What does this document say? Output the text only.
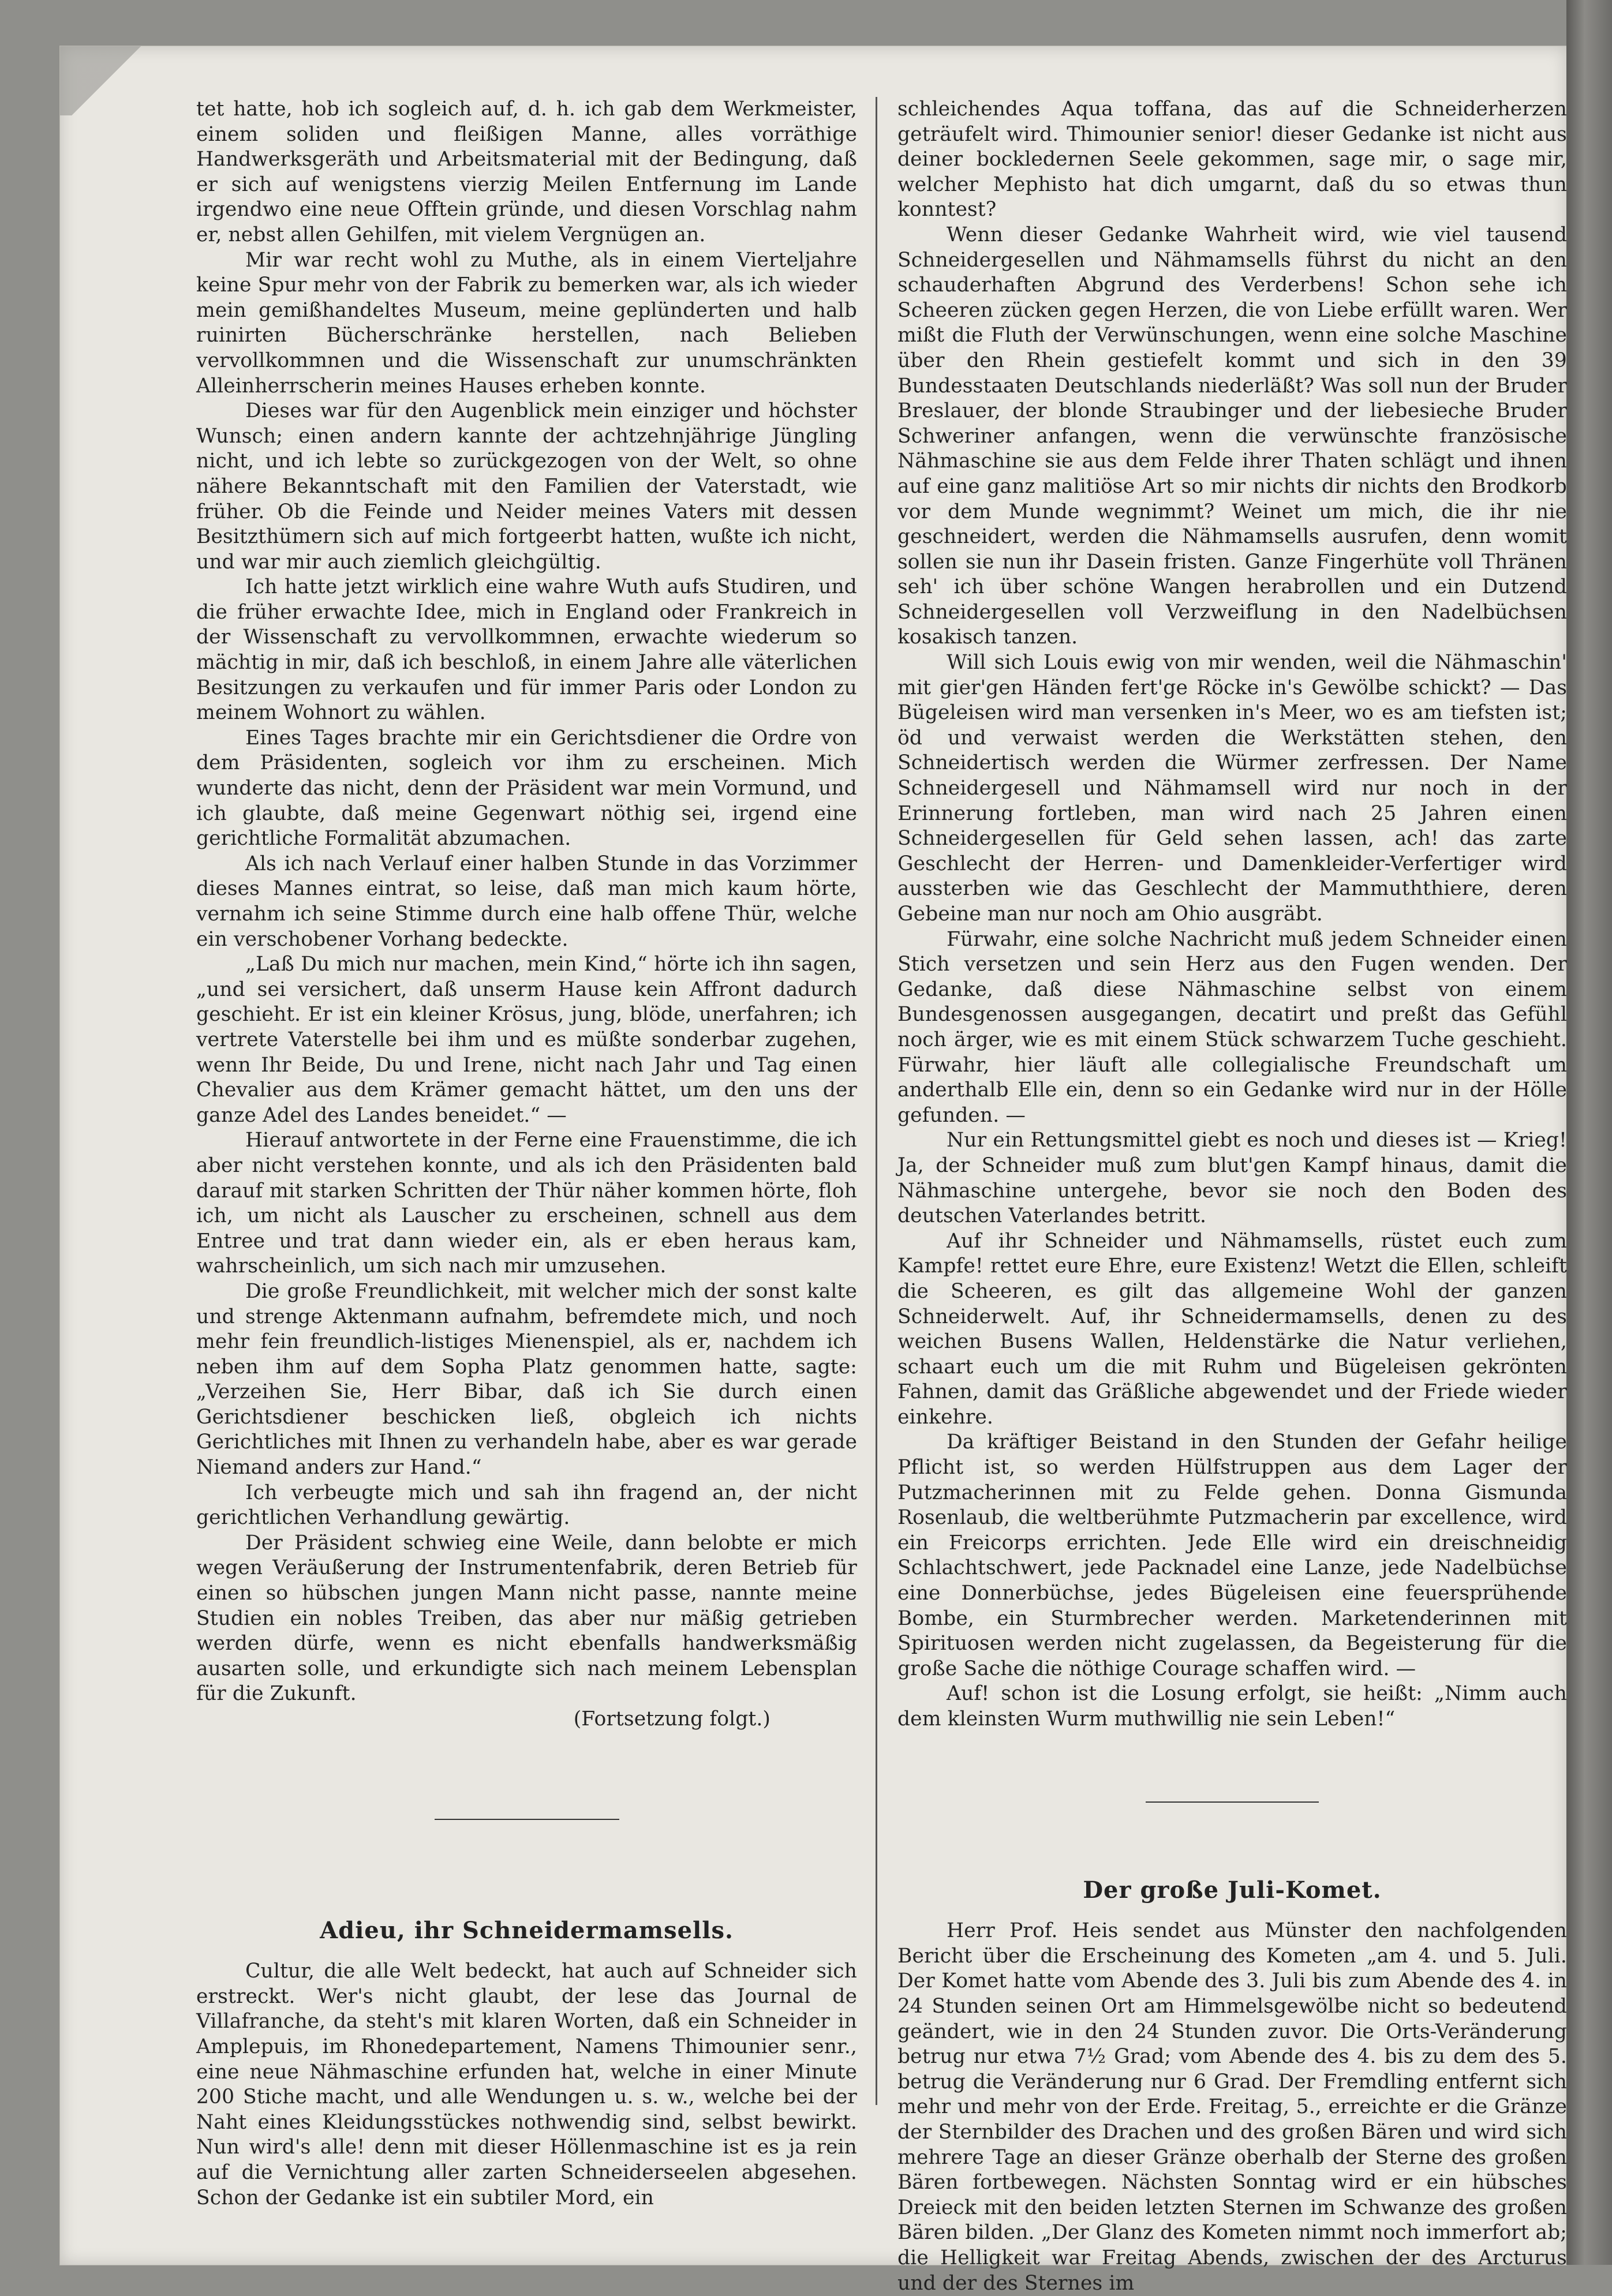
tet hatte, hob ich sogleich auf, d. h. ich gab dem Werkmeister, einem soliden und fleißigen Manne, alles vorräthige Handwerksgeräth und Arbeitsmaterial mit der Bedingung, daß er sich auf wenigstens vierzig Meilen Entfernung im Lande irgendwo eine neue Offtein gründe, und diesen Vorschlag nahm er, nebst allen Gehilfen, mit vielem Vergnügen an.

Mir war recht wohl zu Muthe, als in einem Vierteljahre keine Spur mehr von der Fabrik zu bemerken war, als ich wieder mein gemißhandeltes Museum, meine geplünderten und halb ruinirten Bücherschränke herstellen, nach Belieben vervollkommnen und die Wissenschaft zur unumschränkten Alleinherrscherin meines Hauses erheben konnte.

Dieses war für den Augenblick mein einziger und höchster Wunsch; einen andern kannte der achtzehnjährige Jüngling nicht, und ich lebte so zurückgezogen von der Welt, so ohne nähere Bekanntschaft mit den Familien der Vaterstadt, wie früher. Ob die Feinde und Neider meines Vaters mit dessen Besitzthümern sich auf mich fortgeerbt hatten, wußte ich nicht, und war mir auch ziemlich gleichgültig.

Ich hatte jetzt wirklich eine wahre Wuth aufs Studiren, und die früher erwachte Idee, mich in England oder Frankreich in der Wissenschaft zu vervollkommnen, erwachte wiederum so mächtig in mir, daß ich beschloß, in einem Jahre alle väterlichen Besitzungen zu verkaufen und für immer Paris oder London zu meinem Wohnort zu wählen.

Eines Tages brachte mir ein Gerichtsdiener die Ordre von dem Präsidenten, sogleich vor ihm zu erscheinen. Mich wunderte das nicht, denn der Präsident war mein Vormund, und ich glaubte, daß meine Gegenwart nöthig sei, irgend eine gerichtliche Formalität abzumachen.

Als ich nach Verlauf einer halben Stunde in das Vorzimmer dieses Mannes eintrat, so leise, daß man mich kaum hörte, vernahm ich seine Stimme durch eine halb offene Thür, welche ein verschobener Vorhang bedeckte.

„Laß Du mich nur machen, mein Kind,“ hörte ich ihn sagen, „und sei versichert, daß unserm Hause kein Affront dadurch geschieht. Er ist ein kleiner Krösus, jung, blöde, unerfahren; ich vertrete Vaterstelle bei ihm und es müßte sonderbar zugehen, wenn Ihr Beide, Du und Irene, nicht nach Jahr und Tag einen Chevalier aus dem Krämer gemacht hättet, um den uns der ganze Adel des Landes beneidet.“ —

Hierauf antwortete in der Ferne eine Frauenstimme, die ich aber nicht verstehen konnte, und als ich den Präsidenten bald darauf mit starken Schritten der Thür näher kommen hörte, floh ich, um nicht als Lauscher zu erscheinen, schnell aus dem Entree und trat dann wieder ein, als er eben heraus kam, wahrscheinlich, um sich nach mir umzusehen.

Die große Freundlichkeit, mit welcher mich der sonst kalte und strenge Aktenmann aufnahm, befremdete mich, und noch mehr fein freundlich-listiges Mienenspiel, als er, nachdem ich neben ihm auf dem Sopha Platz genommen hatte, sagte: „Verzeihen Sie, Herr Bibar, daß ich Sie durch einen Gerichtsdiener beschicken ließ, obgleich ich nichts Gerichtliches mit Ihnen zu verhandeln habe, aber es war gerade Niemand anders zur Hand.“

Ich verbeugte mich und sah ihn fragend an, der nicht gerichtlichen Verhandlung gewärtig.

Der Präsident schwieg eine Weile, dann belobte er mich wegen Veräußerung der Instrumentenfabrik, deren Betrieb für einen so hübschen jungen Mann nicht passe, nannte meine Studien ein nobles Treiben, das aber nur mäßig getrieben werden dürfe, wenn es nicht ebenfalls handwerksmäßig ausarten solle, und erkundigte sich nach meinem Lebensplan für die Zukunft.

(Fortsetzung folgt.)

Adieu, ihr Schneidermamsells.

Cultur, die alle Welt bedeckt, hat auch auf Schneider sich erstreckt. Wer's nicht glaubt, der lese das Journal de Villafranche, da steht's mit klaren Worten, daß ein Schneider in Amplepuis, im Rhonedepartement, Namens Thimounier senr., eine neue Nähmaschine erfunden hat, welche in einer Minute 200 Stiche macht, und alle Wendungen u. s. w., welche bei der Naht eines Kleidungsstückes nothwendig sind, selbst bewirkt. Nun wird's alle! denn mit dieser Höllenmaschine ist es ja rein auf die Vernichtung aller zarten Schneiderseelen abgesehen. Schon der Gedanke ist ein subtiler Mord, ein

schleichendes Aqua toffana, das auf die Schneiderherzen geträufelt wird. Thimounier senior! dieser Gedanke ist nicht aus deiner bockledernen Seele gekommen, sage mir, o sage mir, welcher Mephisto hat dich umgarnt, daß du so etwas thun konntest?

Wenn dieser Gedanke Wahrheit wird, wie viel tausend Schneidergesellen und Nähmamsells führst du nicht an den schauderhaften Abgrund des Verderbens! Schon sehe ich Scheeren zücken gegen Herzen, die von Liebe erfüllt waren. Wer mißt die Fluth der Verwünschungen, wenn eine solche Maschine über den Rhein gestiefelt kommt und sich in den 39 Bundesstaaten Deutschlands niederläßt? Was soll nun der Bruder Breslauer, der blonde Straubinger und der liebesieche Bruder Schweriner anfangen, wenn die verwünschte französische Nähmaschine sie aus dem Felde ihrer Thaten schlägt und ihnen auf eine ganz malitiöse Art so mir nichts dir nichts den Brodkorb vor dem Munde wegnimmt? Weinet um mich, die ihr nie geschneidert, werden die Nähmamsells ausrufen, denn womit sollen sie nun ihr Dasein fristen. Ganze Fingerhüte voll Thränen seh' ich über schöne Wangen herabrollen und ein Dutzend Schneidergesellen voll Verzweiflung in den Nadelbüchsen kosakisch tanzen.

Will sich Louis ewig von mir wenden, weil die Nähmaschin' mit gier'gen Händen fert'ge Röcke in's Gewölbe schickt? — Das Bügeleisen wird man versenken in's Meer, wo es am tiefsten ist; öd und verwaist werden die Werkstätten stehen, den Schneidertisch werden die Würmer zerfressen. Der Name Schneidergesell und Nähmamsell wird nur noch in der Erinnerung fortleben, man wird nach 25 Jahren einen Schneidergesellen für Geld sehen lassen, ach! das zarte Geschlecht der Herren- und Damenkleider-Verfertiger wird aussterben wie das Geschlecht der Mammuththiere, deren Gebeine man nur noch am Ohio ausgräbt.

Fürwahr, eine solche Nachricht muß jedem Schneider einen Stich versetzen und sein Herz aus den Fugen wenden. Der Gedanke, daß diese Nähmaschine selbst von einem Bundesgenossen ausgegangen, decatirt und preßt das Gefühl noch ärger, wie es mit einem Stück schwarzem Tuche geschieht. Fürwahr, hier läuft alle collegialische Freundschaft um anderthalb Elle ein, denn so ein Gedanke wird nur in der Hölle gefunden. —

Nur ein Rettungsmittel giebt es noch und dieses ist — Krieg! Ja, der Schneider muß zum blut'gen Kampf hinaus, damit die Nähmaschine untergehe, bevor sie noch den Boden des deutschen Vaterlandes betritt.

Auf ihr Schneider und Nähmamsells, rüstet euch zum Kampfe! rettet eure Ehre, eure Existenz! Wetzt die Ellen, schleift die Scheeren, es gilt das allgemeine Wohl der ganzen Schneiderwelt. Auf, ihr Schneidermamsells, denen zu des weichen Busens Wallen, Heldenstärke die Natur verliehen, schaart euch um die mit Ruhm und Bügeleisen gekrönten Fahnen, damit das Gräßliche abgewendet und der Friede wieder einkehre.

Da kräftiger Beistand in den Stunden der Gefahr heilige Pflicht ist, so werden Hülfstruppen aus dem Lager der Putzmacherinnen mit zu Felde gehen. Donna Gismunda Rosenlaub, die weltberühmte Putzmacherin par excellence, wird ein Freicorps errichten. Jede Elle wird ein dreischneidig Schlachtschwert, jede Packnadel eine Lanze, jede Nadelbüchse eine Donnerbüchse, jedes Bügeleisen eine feuersprühende Bombe, ein Sturmbrecher werden. Marketenderinnen mit Spirituosen werden nicht zugelassen, da Begeisterung für die große Sache die nöthige Courage schaffen wird. —

Auf! schon ist die Losung erfolgt, sie heißt: „Nimm auch dem kleinsten Wurm muthwillig nie sein Leben!“

Der große Juli-Komet.

Herr Prof. Heis sendet aus Münster den nachfolgenden Bericht über die Erscheinung des Kometen „am 4. und 5. Juli. Der Komet hatte vom Abende des 3. Juli bis zum Abende des 4. in 24 Stunden seinen Ort am Himmelsgewölbe nicht so bedeutend geändert, wie in den 24 Stunden zuvor. Die Orts-Veränderung betrug nur etwa 7½ Grad; vom Abende des 4. bis zu dem des 5. betrug die Veränderung nur 6 Grad. Der Fremdling entfernt sich mehr und mehr von der Erde. Freitag, 5., erreichte er die Gränze der Sternbilder des Drachen und des großen Bären und wird sich mehrere Tage an dieser Gränze oberhalb der Sterne des großen Bären fortbewegen. Nächsten Sonntag wird er ein hübsches Dreieck mit den beiden letzten Sternen im Schwanze des großen Bären bilden. „Der Glanz des Kometen nimmt noch immerfort ab; die Helligkeit war Freitag Abends, zwischen der des Arcturus und der des Sternes im
